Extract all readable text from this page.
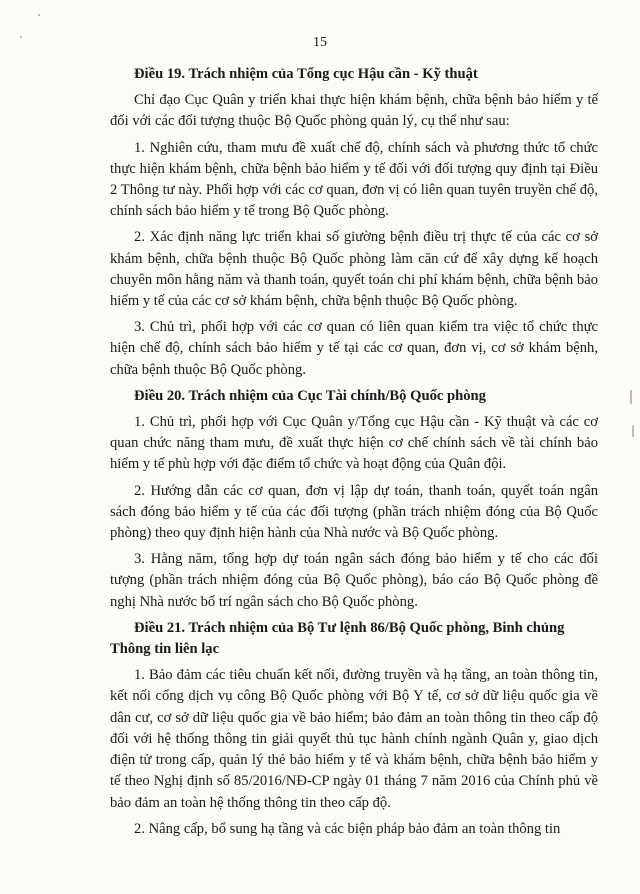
15
Điều 19. Trách nhiệm của Tổng cục Hậu cần - Kỹ thuật

Chỉ đạo Cục Quân y triển khai thực hiện khám bệnh, chữa bệnh bảo hiểm y tế đối với các đối tượng thuộc Bộ Quốc phòng quản lý, cụ thể như sau:

1. Nghiên cứu, tham mưu đề xuất chế độ, chính sách và phương thức tổ chức thực hiện khám bệnh, chữa bệnh bảo hiểm y tế đối với đối tượng quy định tại Điều 2 Thông tư này. Phối hợp với các cơ quan, đơn vị có liên quan tuyên truyền chế độ, chính sách bảo hiểm y tế trong Bộ Quốc phòng.

2. Xác định năng lực triển khai số giường bệnh điều trị thực tế của các cơ sở khám bệnh, chữa bệnh thuộc Bộ Quốc phòng làm căn cứ để xây dựng kế hoạch chuyên môn hằng năm và thanh toán, quyết toán chi phí khám bệnh, chữa bệnh bảo hiểm y tế của các cơ sở khám bệnh, chữa bệnh thuộc Bộ Quốc phòng.

3. Chủ trì, phối hợp với các cơ quan có liên quan kiểm tra việc tổ chức thực hiện chế độ, chính sách bảo hiểm y tế tại các cơ quan, đơn vị, cơ sở khám bệnh, chữa bệnh thuộc Bộ Quốc phòng.

Điều 20. Trách nhiệm của Cục Tài chính/Bộ Quốc phòng

1. Chủ trì, phối hợp với Cục Quân y/Tổng cục Hậu cần - Kỹ thuật và các cơ quan chức năng tham mưu, đề xuất thực hiện cơ chế chính sách về tài chính bảo hiểm y tế phù hợp với đặc điểm tổ chức và hoạt động của Quân đội.

2. Hướng dẫn các cơ quan, đơn vị lập dự toán, thanh toán, quyết toán ngân sách đóng bảo hiểm y tế của các đối tượng (phần trách nhiệm đóng của Bộ Quốc phòng) theo quy định hiện hành của Nhà nước và Bộ Quốc phòng.

3. Hằng năm, tổng hợp dự toán ngân sách đóng bảo hiểm y tế cho các đối tượng (phần trách nhiệm đóng của Bộ Quốc phòng), báo cáo Bộ Quốc phòng đề nghị Nhà nước bố trí ngân sách cho Bộ Quốc phòng.

Điều 21. Trách nhiệm của Bộ Tư lệnh 86/Bộ Quốc phòng, Binh chủng Thông tin liên lạc

1. Bảo đảm các tiêu chuẩn kết nối, đường truyền và hạ tầng, an toàn thông tin, kết nối cổng dịch vụ công Bộ Quốc phòng với Bộ Y tế, cơ sở dữ liệu quốc gia về dân cư, cơ sở dữ liệu quốc gia về bảo hiểm; bảo đảm an toàn thông tin theo cấp độ đối với hệ thống thông tin giải quyết thủ tục hành chính ngành Quân y, giao dịch điện tử trong cấp, quản lý thẻ bảo hiểm y tế và khám bệnh, chữa bệnh bảo hiểm y tế theo Nghị định số 85/2016/NĐ-CP ngày 01 tháng 7 năm 2016 của Chính phủ về bảo đảm an toàn hệ thống thông tin theo cấp độ.

2. Nâng cấp, bổ sung hạ tầng và các biện pháp bảo đảm an toàn thông tin
